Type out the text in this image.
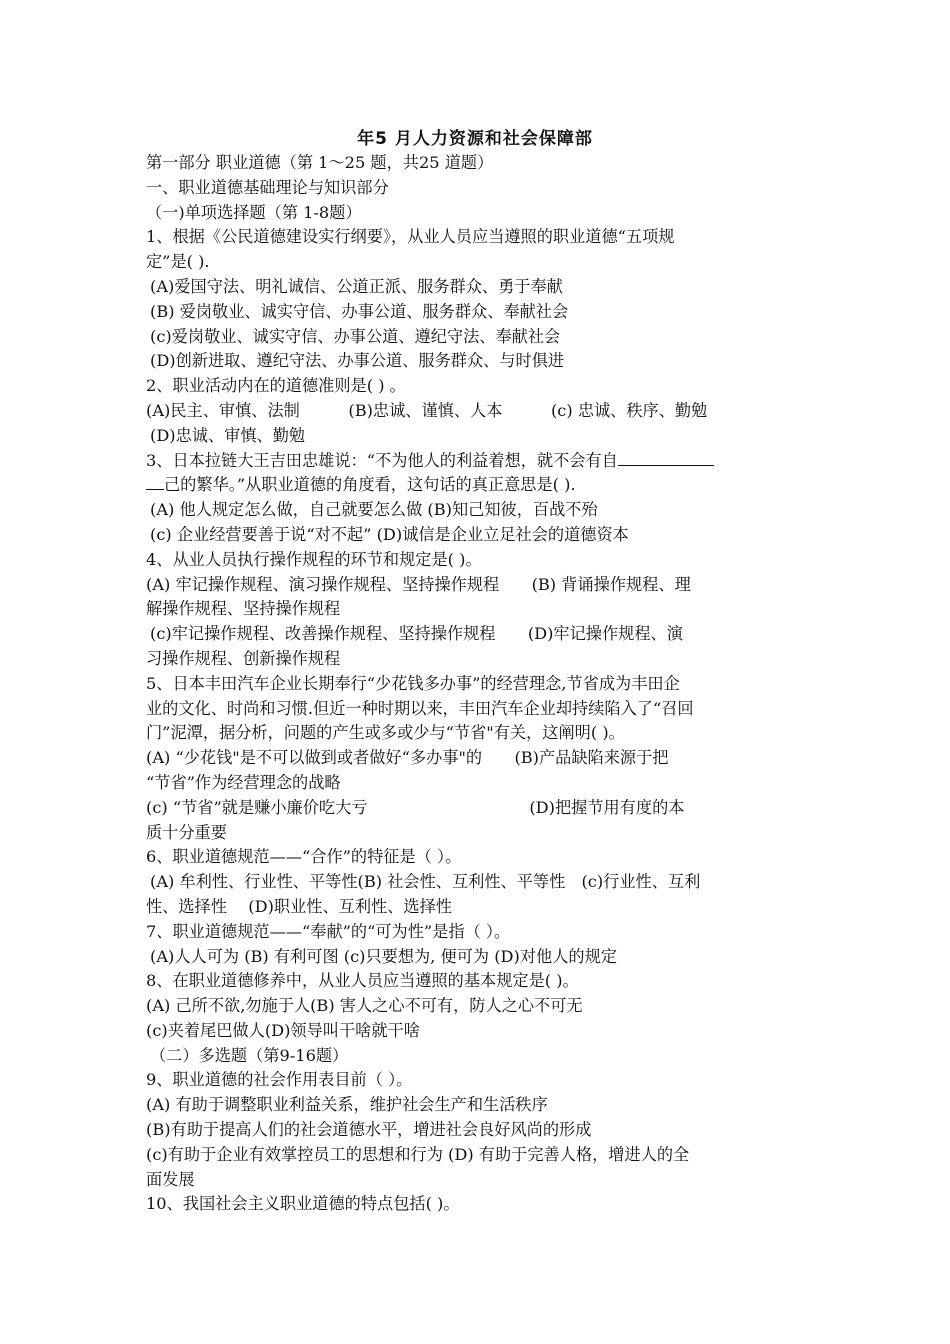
年5 月人力资源和社会保障部
第一部分 职业道德（第 1～25 题，共25 道题）
一、职业道德基础理论与知识部分
（一)单项选择题（第 1-8题）
1、根据《公民道德建设实行纲要》，从业人员应当遵照的职业道德“五项规
定”是( ).
(A)爱国守法、明礼诚信、公道正派、服务群众、勇于奉献
(B) 爱岗敬业、诚实守信、办事公道、服务群众、奉献社会
(c)爱岗敬业、诚实守信、办事公道、遵纪守法、奉献社会
(D)创新进取、遵纪守法、办事公道、服务群众、与时俱进
2、职业活动内在的道德准则是( ) 。
(A)民主、审慎、法制　　　(B)忠诚、谨慎、人本　　　(c) 忠诚、秩序、勤勉
(D)忠诚、审慎、勤勉
3、日本拉链大王吉田忠雄说：“不为他人的利益着想，就不会有自
己的繁华。”从职业道德的角度看，这句话的真正意思是( ).
(A) 他人规定怎么做，自己就要怎么做 (B)知己知彼，百战不殆
(c) 企业经营要善于说“对不起” (D)诚信是企业立足社会的道德资本
4、从业人员执行操作规程的环节和规定是( )。
(A) 牢记操作规程、演习操作规程、坚持操作规程　　(B) 背诵操作规程、理
解操作规程、坚持操作规程
(c)牢记操作规程、改善操作规程、坚持操作规程　　(D)牢记操作规程、演
习操作规程、创新操作规程
5、日本丰田汽车企业长期奉行“少花钱多办事”的经营理念,节省成为丰田企
业的文化、时尚和习惯.但近一种时期以来，丰田汽车企业却持续陷入了“召回
门”泥潭，据分析，问题的产生或多或少与“节省"有关，这阐明( )。
(A) “少花钱"是不可以做到或者做好“多办事"的　　(B)产品缺陷来源于把
“节省”作为经营理念的战略
(c) “节省”就是赚小廉价吃大亏　　　　　　　　　　(D)把握节用有度的本
质十分重要
6、职业道德规范——“合作”的特征是（ ）。
(A) 牟利性、行业性、平等性(B) 社会性、互利性、平等性　(c)行业性、互利
性、选择性　 (D)职业性、互利性、选择性
7、职业道德规范——“奉献”的“可为性”是指（ ）。
(A)人人可为 (B) 有利可图 (c)只要想为, 便可为 (D)对他人的规定
8、在职业道德修养中，从业人员应当遵照的基本规定是( )。
(A) 己所不欲,勿施于人(B) 害人之心不可有，防人之心不可无
(c)夹着尾巴做人(D)领导叫干啥就干啥
（二）多选题（第9-16题）
9、职业道德的社会作用表目前（ ）。
(A) 有助于调整职业利益关系，维护社会生产和生活秩序
(B)有助于提高人们的社会道德水平，增进社会良好风尚的形成
(c)有助于企业有效掌控员工的思想和行为 (D) 有助于完善人格，增进人的全
面发展
10、我国社会主义职业道德的特点包括( )。
